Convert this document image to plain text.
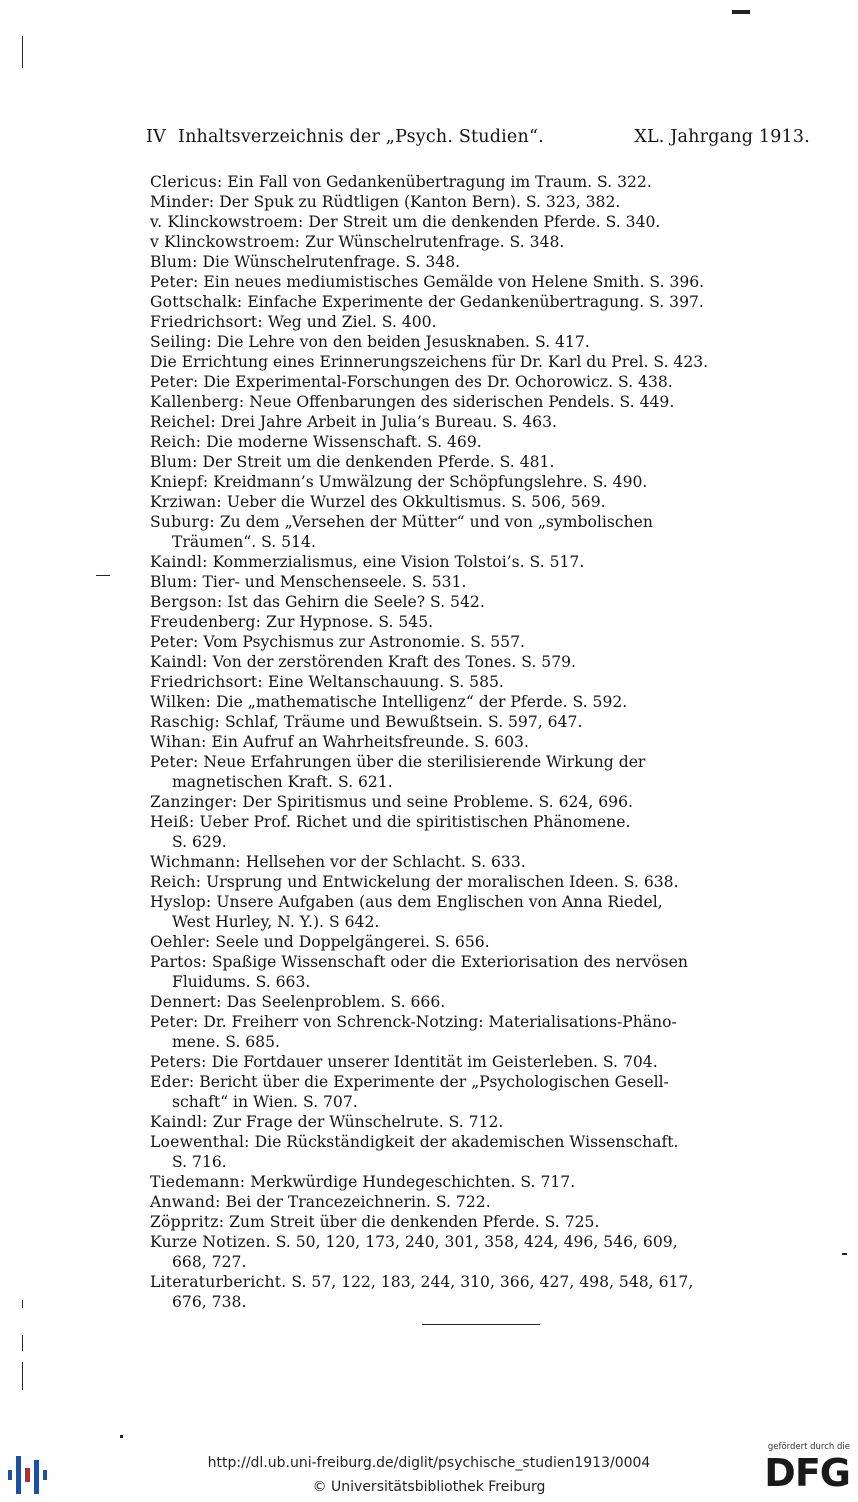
IV Inhaltsverzeichnis der „Psych. Studien“.	XL. Jahrgang 1913.
Clericus: Ein Fall von Gedankenübertragung im Traum. S. 322.
Minder: Der Spuk zu Rüdtligen (Kanton Bern). S. 323, 382.
v. Klinckowstroem: Der Streit um die denkenden Pferde. S. 340.
v Klinckowstroem: Zur Wünschelrutenfrage. S. 348.
Blum: Die Wünschelrutenfrage. S. 348.
Peter: Ein neues mediumistisches Gemälde von Helene Smith. S. 396.
Gottschalk: Einfache Experimente der Gedankenübertragung. S. 397.
Friedrichsort: Weg und Ziel. S. 400.
Seiling: Die Lehre von den beiden Jesusknaben. S. 417.
Die Errichtung eines Erinnerungszeichens für Dr. Karl du Prel. S. 423.
Peter: Die Experimental-Forschungen des Dr. Ochorowicz. S. 438.
Kallenberg: Neue Offenbarungen des siderischen Pendels. S. 449.
Reichel: Drei Jahre Arbeit in Julia’s Bureau. S. 463.
Reich: Die moderne Wissenschaft. S. 469.
Blum: Der Streit um die denkenden Pferde. S. 481.
Kniepf: Kreidmann’s Umwälzung der Schöpfungslehre. S. 490.
Krziwan: Ueber die Wurzel des Okkultismus. S. 506, 569.
Suburg: Zu dem „Versehen der Mütter“ und von „symbolischen
Träumen“. S. 514.
Kaindl: Kommerzialismus, eine Vision Tolstoi’s. S. 517.
Blum: Tier- und Menschenseele. S. 531.
Bergson: Ist das Gehirn die Seele? S. 542.
Freudenberg: Zur Hypnose. S. 545.
Peter: Vom Psychismus zur Astronomie. S. 557.
Kaindl: Von der zerstörenden Kraft des Tones. S. 579.
Friedrichsort: Eine Weltanschauung. S. 585.
Wilken: Die „mathematische Intelligenz“ der Pferde. S. 592.
Raschig: Schlaf, Träume und Bewußtsein. S. 597, 647.
Wihan: Ein Aufruf an Wahrheitsfreunde. S. 603.
Peter: Neue Erfahrungen über die sterilisierende Wirkung der
magnetischen Kraft. S. 621.
Zanzinger: Der Spiritismus und seine Probleme. S. 624, 696.
Heiß: Ueber Prof. Richet und die spiritistischen Phänomene.
S. 629.
Wichmann: Hellsehen vor der Schlacht. S. 633.
Reich: Ursprung und Entwickelung der moralischen Ideen. S. 638.
Hyslop: Unsere Aufgaben (aus dem Englischen von Anna Riedel,
West Hurley, N. Y.). S 642.
Oehler: Seele und Doppelgängerei. S. 656.
Partos: Spaßige Wissenschaft oder die Exteriorisation des nervösen
Fluidums. S. 663.
Dennert: Das Seelenproblem. S. 666.
Peter: Dr. Freiherr von Schrenck-Notzing: Materialisations-Phäno-
mene. S. 685.
Peters: Die Fortdauer unserer Identität im Geisterleben. S. 704.
Eder: Bericht über die Experimente der „Psychologischen Gesell-
schaft“ in Wien. S. 707.
Kaindl: Zur Frage der Wünschelrute. S. 712.
Loewenthal: Die Rückständigkeit der akademischen Wissenschaft.
S. 716.
Tiedemann: Merkwürdige Hundegeschichten. S. 717.
Anwand: Bei der Trancezeichnerin. S. 722.
Zöppritz: Zum Streit über die denkenden Pferde. S. 725.
Kurze Notizen. S. 50, 120, 173, 240, 301, 358, 424, 496, 546, 609,
668, 727.
Literaturbericht. S. 57, 122, 183, 244, 310, 366, 427, 498, 548, 617,
676, 738.
http://dl.ub.uni-freiburg.de/diglit/psychische_studien1913/0004
© Universitätsbibliothek Freiburg
gefördert durch die
DFG
